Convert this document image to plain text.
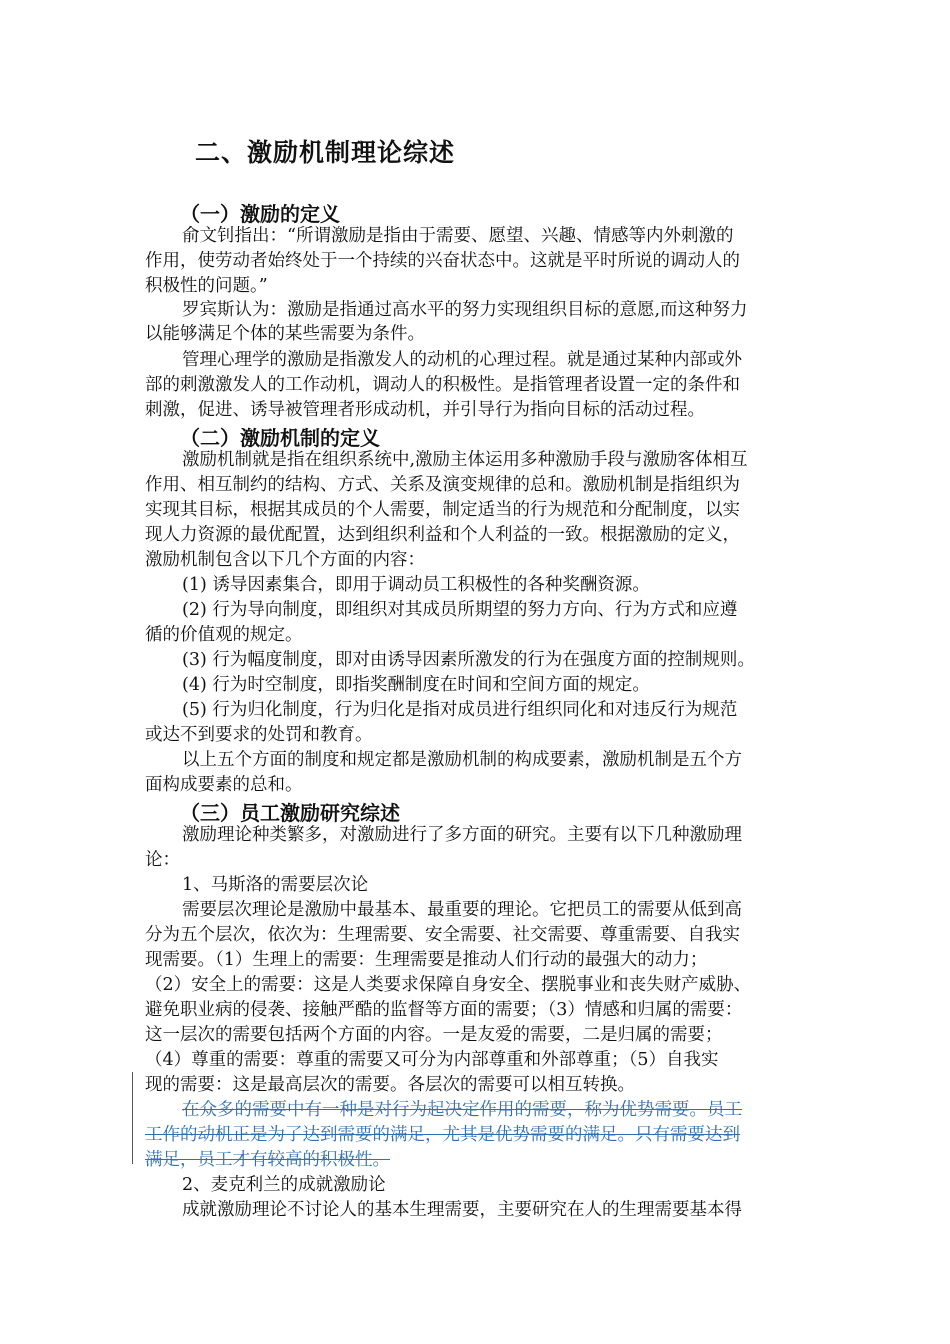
二、激励机制理论综述
（一）激励的定义
俞文钊指出：“所谓激励是指由于需要、愿望、兴趣、情感等内外刺激的
作用，使劳动者始终处于一个持续的兴奋状态中。这就是平时所说的调动人的
积极性的问题。”
罗宾斯认为：激励是指通过高水平的努力实现组织目标的意愿,而这种努力
以能够满足个体的某些需要为条件。
管理心理学的激励是指激发人的动机的心理过程。就是通过某种内部或外
部的刺激激发人的工作动机，调动人的积极性。是指管理者设置一定的条件和
刺激，促进、诱导被管理者形成动机，并引导行为指向目标的活动过程。
（二）激励机制的定义
激励机制就是指在组织系统中,激励主体运用多种激励手段与激励客体相互
作用、相互制约的结构、方式、关系及演变规律的总和。激励机制是指组织为
实现其目标，根据其成员的个人需要，制定适当的行为规范和分配制度，以实
现人力资源的最优配置，达到组织利益和个人利益的一致。根据激励的定义，
激励机制包含以下几个方面的内容：
(1) 诱导因素集合，即用于调动员工积极性的各种奖酬资源。
(2) 行为导向制度，即组织对其成员所期望的努力方向、行为方式和应遵
循的价值观的规定。
(3) 行为幅度制度，即对由诱导因素所激发的行为在强度方面的控制规则。
(4) 行为时空制度，即指奖酬制度在时间和空间方面的规定。
(5) 行为归化制度，行为归化是指对成员进行组织同化和对违反行为规范
或达不到要求的处罚和教育。
以上五个方面的制度和规定都是激励机制的构成要素，激励机制是五个方
面构成要素的总和。
（三）员工激励研究综述
激励理论种类繁多，对激励进行了多方面的研究。主要有以下几种激励理
论：
1、马斯洛的需要层次论
需要层次理论是激励中最基本、最重要的理论。它把员工的需要从低到高
分为五个层次，依次为：生理需要、安全需要、社交需要、尊重需要、自我实
现需要。（1）生理上的需要：生理需要是推动人们行动的最强大的动力；
（2）安全上的需要：这是人类要求保障自身安全、摆脱事业和丧失财产威胁、
避免职业病的侵袭、接触严酷的监督等方面的需要；（3）情感和归属的需要：
这一层次的需要包括两个方面的内容。一是友爱的需要，二是归属的需要；
（4）尊重的需要：尊重的需要又可分为内部尊重和外部尊重；（5）自我实
现的需要：这是最高层次的需要。各层次的需要可以相互转换。
在众多的需要中有一种是对行为起决定作用的需要，称为优势需要。员工
工作的动机正是为了达到需要的满足，尤其是优势需要的满足。只有需要达到
满足，员工才有较高的积极性。
2、麦克利兰的成就激励论
成就激励理论不讨论人的基本生理需要，主要研究在人的生理需要基本得
